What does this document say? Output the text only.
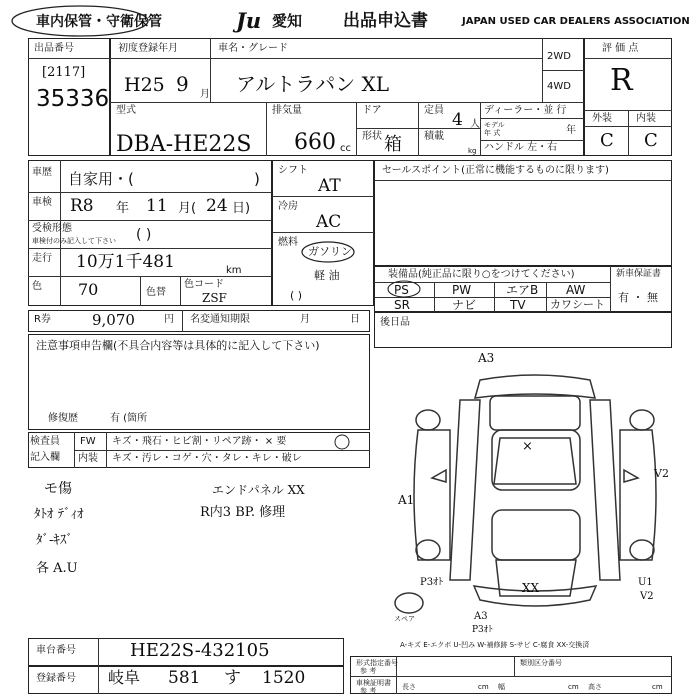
車内保管・守衛保管	Ju 愛知 出品申込書	JAPAN USED CAR DEALERS ASSOCIATION
出品番号
[2117]
35336
初度登録年月	車名・グレード
H25 9 月 アルトラパン XL
2WD
4WD
型式
DBA-HE22S
排気量
660 cc
ドア
形状 箱
定員 4 人
積載
kg
ディーラー・並 行
モデル
年 式	年
ハンドル 左・右
評 価 点
R
外装 内装
C C
車歴 自家用・(	)
車検 R8 年 11 月( 24 日)
受検形態
車検付のみ記入して下さい ( )
走行 10万1千481	km
色 70	色替
色コード
ZSF
シフト
AT
冷房
AC
燃料
ガソリン
軽 油
( )
セールスポイント(正常に機能するものに限ります)
装備品(純正品に限り○をつけてください)	新車保証書
有 ・ 無
PS	PW	エアB AW
SR	ナビ	TV カワシート
R券	9,070	円 名変通知期限	月	日 後日品
注意事項申告欄(不具合内容等は具体的に記入して下さい)
修復歴	有 (箇所
検査員
記入欄
FW キズ・飛石・ヒビ割・リペア跡・ × 要
内装 キズ・汚レ・コゲ・穴・タレ・キレ・破レ
モ傷	エンドパネル XX
ﾀﾄｵ ﾃﾞｨｵ	R内3 BP. 修理
ﾀﾞ-ｷｽﾞ
各 A.U
A3
×
V2
A1
P3ｵﾄ	XX	U1
V2
A3
P3ｵﾄ
スペア
A-キズ E-エクボ U-凹み W-補修跡 S-サビ C-腐食 XX-交換済
車台番号	HE22S-432105
登録番号 岐阜 581 す 1520
形式指定番号
参 考
類別区分番号
車検証明書
参 考	長さ	cm 幅	cm 高さ	cm
